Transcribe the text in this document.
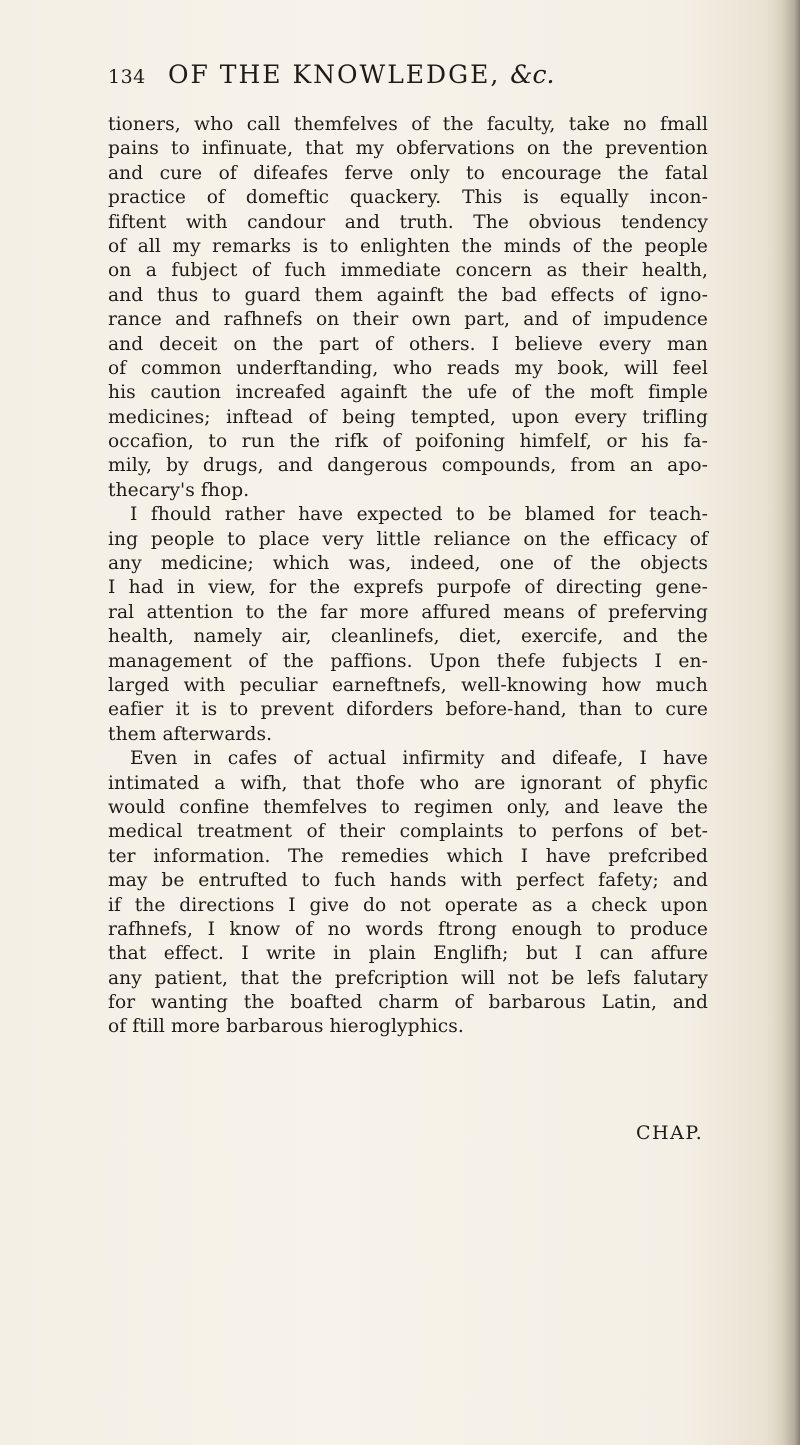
134 OF THE KNOWLEDGE, &c.
tioners, who call themfelves of the faculty, take no fmall
pains to infinuate, that my obfervations on the prevention
and cure of difeafes ferve only to encourage the fatal
practice of domeftic quackery. This is equally incon-
fiftent with candour and truth. The obvious tendency
of all my remarks is to enlighten the minds of the people
on a fubject of fuch immediate concern as their health,
and thus to guard them againft the bad effects of igno-
rance and rafhnefs on their own part, and of impudence
and deceit on the part of others. I believe every man
of common underftanding, who reads my book, will feel
his caution increafed againft the ufe of the moft fimple
medicines; inftead of being tempted, upon every trifling
occafion, to run the rifk of poifoning himfelf, or his fa-
mily, by drugs, and dangerous compounds, from an apo-
thecary's fhop.
I fhould rather have expected to be blamed for teach-
ing people to place very little reliance on the efficacy of
any medicine; which was, indeed, one of the objects
I had in view, for the exprefs purpofe of directing gene-
ral attention to the far more affured means of preferving
health, namely air, cleanlinefs, diet, exercife, and the
management of the paffions. Upon thefe fubjects I en-
larged with peculiar earneftnefs, well-knowing how much
eafier it is to prevent diforders before-hand, than to cure
them afterwards.
Even in cafes of actual infirmity and difeafe, I have
intimated a wifh, that thofe who are ignorant of phyfic
would confine themfelves to regimen only, and leave the
medical treatment of their complaints to perfons of bet-
ter information. The remedies which I have prefcribed
may be entrufted to fuch hands with perfect fafety; and
if the directions I give do not operate as a check upon
rafhnefs, I know of no words ftrong enough to produce
that effect. I write in plain Englifh; but I can affure
any patient, that the prefcription will not be lefs falutary
for wanting the boafted charm of barbarous Latin, and
of ftill more barbarous hieroglyphics.
CHAP.
